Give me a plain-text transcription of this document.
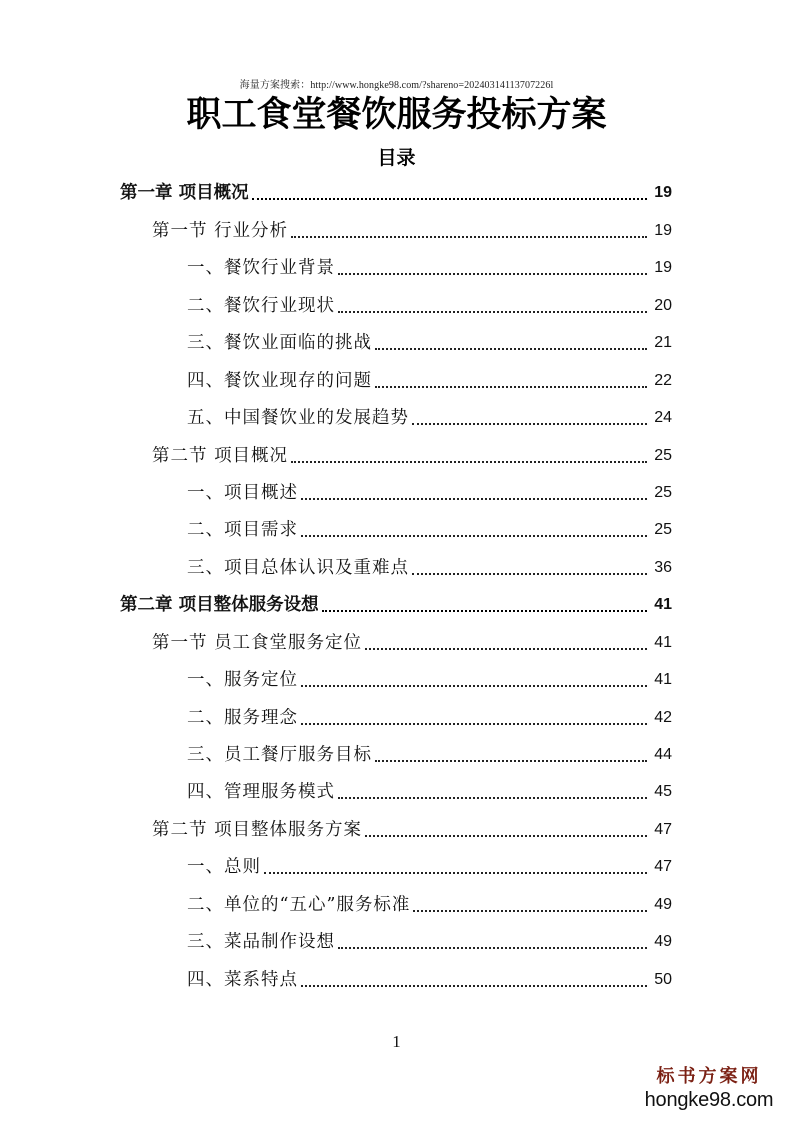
海量方案搜索：http://www.hongke98.com/?shareno=20240314113707226l
职工食堂餐饮服务投标方案
目录
第一章 项目概况	19
第一节 行业分析	19
一、餐饮行业背景	19
二、餐饮行业现状	20
三、餐饮业面临的挑战	21
四、餐饮业现存的问题	22
五、中国餐饮业的发展趋势	24
第二节 项目概况	25
一、项目概述	25
二、项目需求	25
三、项目总体认识及重难点	36
第二章 项目整体服务设想	41
第一节 员工食堂服务定位	41
一、服务定位	41
二、服务理念	42
三、员工餐厅服务目标	44
四、管理服务模式	45
第二节 项目整体服务方案	47
一、总则	47
二、单位的“五心”服务标准	49
三、菜品制作设想	49
四、菜系特点	50
1
标书方案网
hongke98.com
